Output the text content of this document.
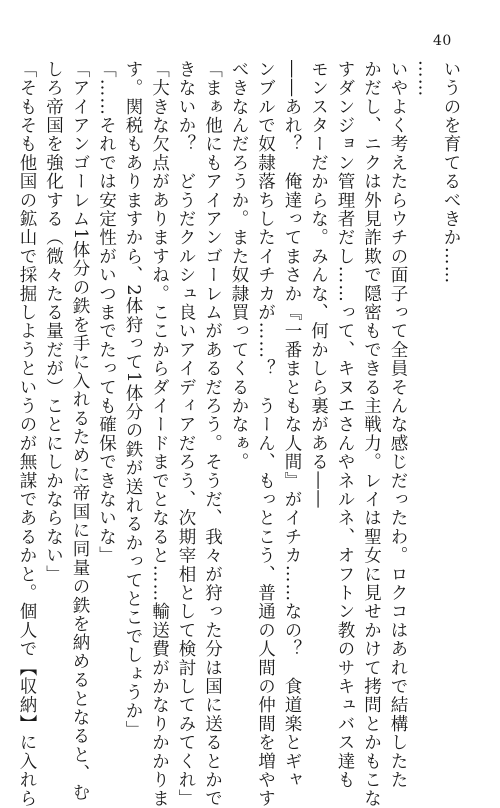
40
いうのを育てるべきか……
……
いやよく考えたらウチの面子って全員そんな感じだったわ。ロクコはあれで結構したた
かだし、ニクは外見詐欺で隠密もできる主戦力。レイは聖女に見せかけて拷問とかもこな
すダンジョン管理者だし……って、キヌエさんやネルネ、オフトン教のサキュバス達も
モンスターだからな。みんな、何かしら裏がある――
――あれ？　俺達ってまさか『一番まともな人間』がイチカ……なの？　食道楽とギャ
ンブルで奴隷落ちしたイチカが……？　うーん、もっとこう、普通の人間の仲間を増やす
べきなんだろうか。また奴隷買ってくるかなぁ。
「まぁ他にもアイアンゴーレムがあるだろう。そうだ、我々が狩った分は国に送るとかで
きないか？　どうだクルシュ良いアイディアだろう、次期宰相として検討してみてくれ」
「大きな欠点がありますね。ここからダイードまでとなると……輸送費がかなりかかりま
す。関税もありますから、2体狩って1体分の鉄が送れるかってとこでしょうか」
「……それでは安定性がいつまでたっても確保できないな」
「アイアンゴーレム1体分の鉄を手に入れるために帝国に同量の鉄を納めるとなると、む
しろ帝国を強化する（微々たる量だが）ことにしかならない」
「そもそも他国の鉱山で採掘しようというのが無謀であるかと。個人で【収納】に入れら
